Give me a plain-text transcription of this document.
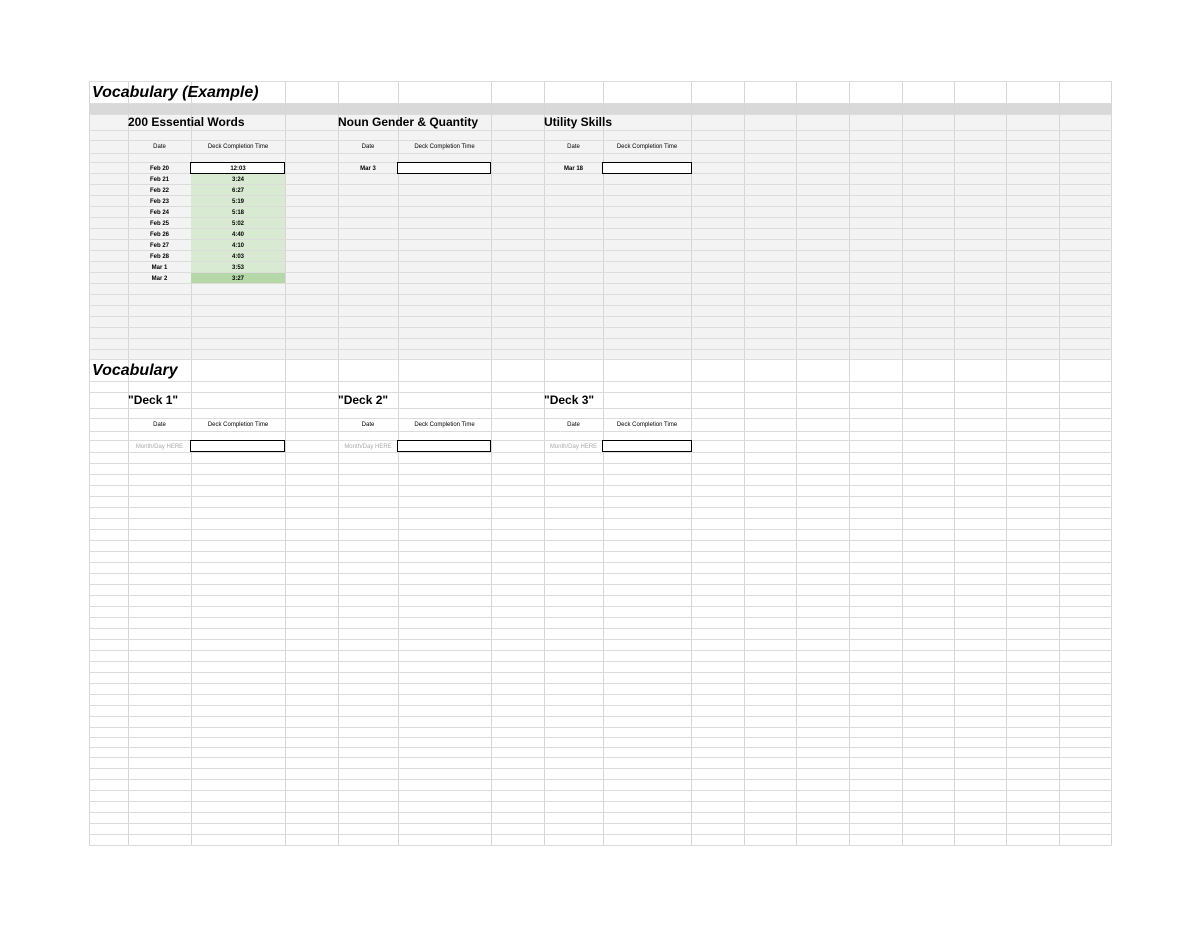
Vocabulary (Example)
200 Essential Words
Date	Deck Completion Time
Feb 20	12:03
Feb 21	3:24
Feb 22	6:27
Feb 23	5:19
Feb 24	5:18
Feb 25	5:02
Feb 26	4:40
Feb 27	4:10
Feb 28	4:03
Mar 1	3:53
Mar 2	3:27
Noun Gender & Quantity
Date	Deck Completion Time
Mar 3
Utility Skills
Date	Deck Completion Time
Mar 18
Vocabulary
"Deck 1"
Date	Deck Completion Time
Month/Day HERE
"Deck 2"
Date	Deck Completion Time
Month/Day HERE
"Deck 3"
Date	Deck Completion Time
Month/Day HERE
